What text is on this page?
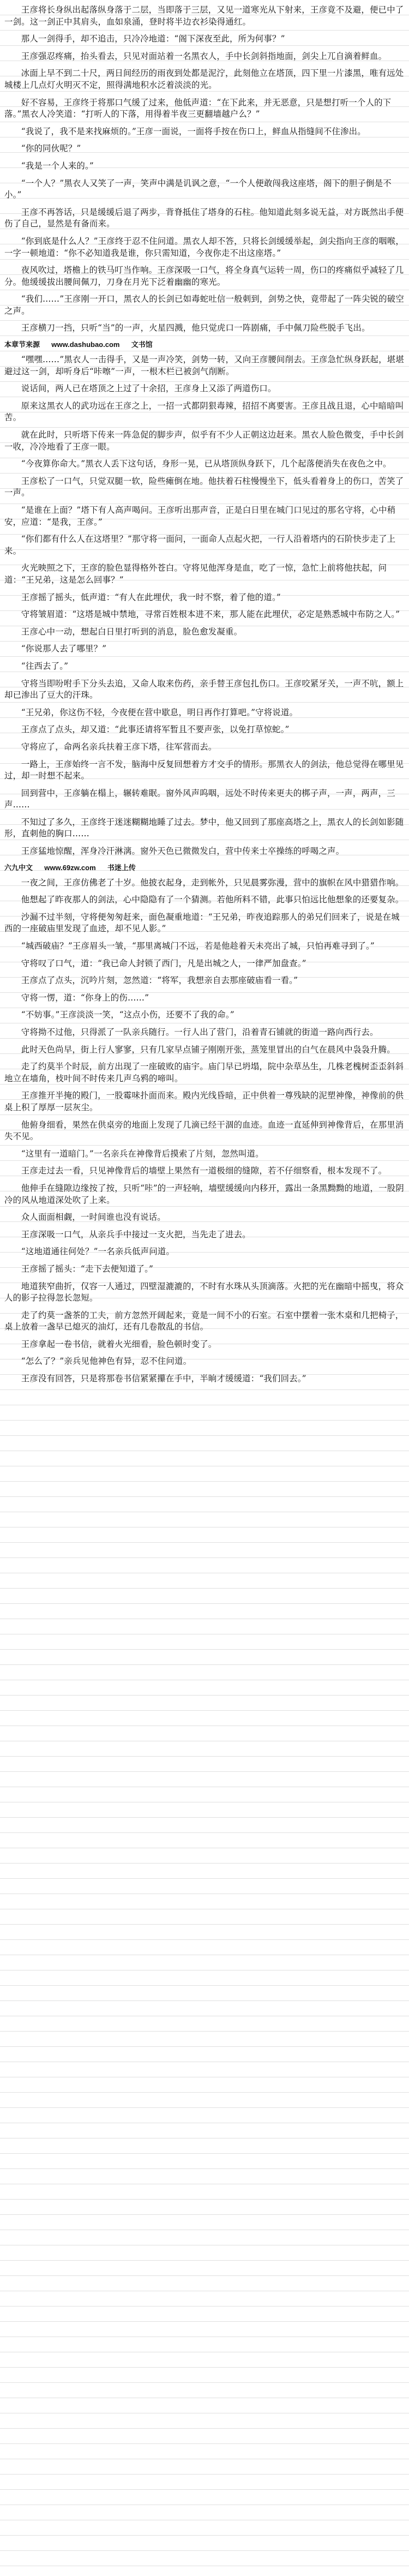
王彦将长身纵出起落纵身落于二层，当即落于三层，又见一道寒光从下射来，王彦竟不及避，便已中了一剑。这一剑正中其肩头，血如泉涌，登时将半边衣衫染得通红。

那人一剑得手，却不追击，只冷冷地道：“阁下深夜至此，所为何事？”

王彦强忍疼痛，抬头看去，只见对面站着一名黑衣人，手中长剑斜指地面，剑尖上兀自滴着鲜血。

冰面上早不到二十尺，两日间经历的雨夜到处都是泥泞，此刻他立在塔顶，四下里一片漆黑，唯有远处城楼上几点灯火明灭不定，照得满地积水泛着淡淡的光。

好不容易，王彦终于将那口气缓了过来，他低声道：“在下此来，并无恶意，只是想打听一个人的下落。”黑衣人冷笑道：“打听人的下落，用得着半夜三更翻墙越户么？”

“我说了，我不是来找麻烦的。”王彦一面说，一面将手按在伤口上，鲜血从指缝间不住渗出。

“你的同伙呢？”

“我是一个人来的。”

“一个人？”黑衣人又笑了一声，笑声中满是讥讽之意，“一个人便敢闯我这座塔，阁下的胆子倒是不小。”

王彦不再答话，只是缓缓后退了两步，背脊抵住了塔身的石柱。他知道此刻多说无益，对方既然出手便伤了自己，显然是有备而来。

“你到底是什么人？”王彦终于忍不住问道。黑衣人却不答，只将长剑缓缓举起，剑尖指向王彦的咽喉，一字一顿地道：“你不必知道我是谁，你只需知道，今夜你走不出这座塔。”

夜风吹过，塔檐上的铁马叮当作响。王彦深吸一口气，将全身真气运转一周，伤口的疼痛似乎减轻了几分。他缓缓拔出腰间佩刀，刀身在月光下泛着幽幽的寒光。

“我们……”王彦刚一开口，黑衣人的长剑已如毒蛇吐信一般刺到，剑势之快，竟带起了一阵尖锐的破空之声。

王彦横刀一挡，只听“当”的一声，火星四溅，他只觉虎口一阵剧痛，手中佩刀险些脱手飞出。

本章节来源 www.dashubao.com 文书馆

“嘿嘿……”黑衣人一击得手，又是一声冷笑，剑势一转，又向王彦腰间削去。王彦急忙纵身跃起，堪堪避过这一剑，却听身后“咔嚓”一声，一根木栏已被剑气削断。

说话间，两人已在塔顶之上过了十余招，王彦身上又添了两道伤口。

原来这黑衣人的武功远在王彦之上，一招一式都阴狠毒辣，招招不离要害。王彦且战且退，心中暗暗叫苦。

就在此时，只听塔下传来一阵急促的脚步声，似乎有不少人正朝这边赶来。黑衣人脸色微变，手中长剑一收，冷冷地看了王彦一眼。

“今夜算你命大。”黑衣人丢下这句话，身形一晃，已从塔顶纵身跃下，几个起落便消失在夜色之中。

王彦松了一口气，只觉双腿一软，险些瘫倒在地。他扶着石柱慢慢坐下，低头看着身上的伤口，苦笑了一声。

“是谁在上面？”塔下有人高声喝问。王彦听出那声音，正是白日里在城门口见过的那名守将，心中稍安，应道：“是我，王彦。”

“你们都有什么人在这塔里？”那守将一面问，一面命人点起火把，一行人沿着塔内的石阶快步走了上来。

火光映照之下，王彦的脸色显得格外苍白。守将见他浑身是血，吃了一惊，急忙上前将他扶起，问道：“王兄弟，这是怎么回事？”

王彦摇了摇头，低声道：“有人在此埋伏，我一时不察，着了他的道。”

守将皱眉道：“这塔是城中禁地，寻常百姓根本进不来，那人能在此埋伏，必定是熟悉城中布防之人。”

王彦心中一动，想起白日里打听到的消息，脸色愈发凝重。

“你说那人去了哪里？”

“往西去了。”

守将当即吩咐手下分头去追，又命人取来伤药，亲手替王彦包扎伤口。王彦咬紧牙关，一声不吭，额上却已渗出了豆大的汗珠。

“王兄弟，你这伤不轻，今夜便在营中歇息，明日再作打算吧。”守将说道。

王彦点了点头，却又道：“此事还请将军暂且不要声张，以免打草惊蛇。”

守将应了，命两名亲兵扶着王彦下塔，往军营而去。

一路上，王彦始终一言不发，脑海中反复回想着方才交手的情形。那黑衣人的剑法，他总觉得在哪里见过，却一时想不起来。

回到营中，王彦躺在榻上，辗转难眠。窗外风声呜咽，远处不时传来更夫的梆子声，一声，两声，三声……

不知过了多久，王彦终于迷迷糊糊地睡了过去。梦中，他又回到了那座高塔之上，黑衣人的长剑如影随形，直刺他的胸口……

王彦猛地惊醒，浑身冷汗淋漓。窗外天色已微微发白，营中传来士卒操练的呼喝之声。

六九中文 www.69zw.com 书迷上传

一夜之间，王彦仿佛老了十岁。他披衣起身，走到帐外，只见晨雾弥漫，营中的旗帜在风中猎猎作响。

他想起了昨夜那人的剑法，心中隐隐有了一个猜测。若他所料不错，此事只怕远比他想象的还要复杂。

沙漏不过半刻，守将便匆匆赶来，面色凝重地道：“王兄弟，昨夜追踪那人的弟兄们回来了，说是在城西的一座破庙里发现了血迹，却不见人影。”

“城西破庙？”王彦眉头一皱，“那里离城门不远，若是他趁着天未亮出了城，只怕再难寻到了。”

守将叹了口气，道：“我已命人封锁了西门，凡是出城之人，一律严加盘查。”

王彦点了点头，沉吟片刻，忽然道：“将军，我想亲自去那座破庙看一看。”

守将一愣，道：“你身上的伤……”

“不妨事。”王彦淡淡一笑，“这点小伤，还要不了我的命。”

守将拗不过他，只得派了一队亲兵随行。一行人出了营门，沿着青石铺就的街道一路向西行去。

此时天色尚早，街上行人寥寥，只有几家早点铺子刚刚开张，蒸笼里冒出的白气在晨风中袅袅升腾。

走了约莫半个时辰，前方出现了一座破败的庙宇。庙门早已坍塌，院中杂草丛生，几株老槐树歪歪斜斜地立在墙角，枝叶间不时传来几声乌鸦的啼叫。

王彦推开半掩的殿门，一股霉味扑面而来。殿内光线昏暗，正中供着一尊残缺的泥塑神像，神像前的供桌上积了厚厚一层灰尘。

他俯身细看，果然在供桌旁的地面上发现了几滴已经干涸的血迹。血迹一直延伸到神像背后，在那里消失不见。

“这里有一道暗门。”一名亲兵在神像背后摸索了片刻，忽然叫道。

王彦走过去一看，只见神像背后的墙壁上果然有一道极细的缝隙，若不仔细察看，根本发现不了。

他伸手在缝隙边缘按了按，只听“咔”的一声轻响，墙壁缓缓向内移开，露出一条黑黝黝的地道，一股阴冷的风从地道深处吹了上来。

众人面面相觑，一时间谁也没有说话。

王彦深吸一口气，从亲兵手中接过一支火把，当先走了进去。

“这地道通往何处？”一名亲兵低声问道。

王彦摇了摇头：“走下去便知道了。”

地道狭窄曲折，仅容一人通过，四壁湿漉漉的，不时有水珠从头顶滴落。火把的光在幽暗中摇曳，将众人的影子拉得忽长忽短。

走了约莫一盏茶的工夫，前方忽然开阔起来，竟是一间不小的石室。石室中摆着一张木桌和几把椅子，桌上放着一盏早已熄灭的油灯，还有几卷散乱的书信。

王彦拿起一卷书信，就着火光细看，脸色顿时变了。

“怎么了？”亲兵见他神色有异，忍不住问道。

王彦没有回答，只是将那卷书信紧紧攥在手中，半晌才缓缓道：“我们回去。”
